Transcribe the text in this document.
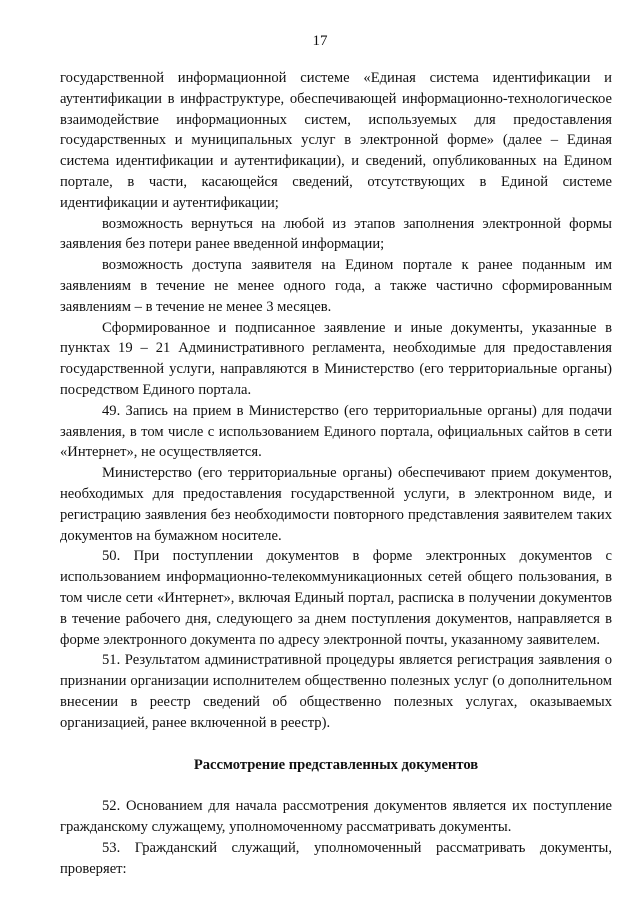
17

государственной информационной системе «Единая система идентификации и аутентификации в инфраструктуре, обеспечивающей информационно-технологическое взаимодействие информационных систем, используемых для предоставления государственных и муниципальных услуг в электронной форме» (далее – Единая система идентификации и аутентификации), и сведений, опубликованных на Едином портале, в части, касающейся сведений, отсутствующих в Единой системе идентификации и аутентификации;

возможность вернуться на любой из этапов заполнения электронной формы заявления без потери ранее введенной информации;

возможность доступа заявителя на Едином портале к ранее поданным им заявлениям в течение не менее одного года, а также частично сформированным заявлениям – в течение не менее 3 месяцев.

Сформированное и подписанное заявление и иные документы, указанные в пунктах 19 – 21 Административного регламента, необходимые для предоставления государственной услуги, направляются в Министерство (его территориальные органы) посредством Единого портала.

49. Запись на прием в Министерство (его территориальные органы) для подачи заявления, в том числе с использованием Единого портала, официальных сайтов в сети «Интернет», не осуществляется.

Министерство (его территориальные органы) обеспечивают прием документов, необходимых для предоставления государственной услуги, в электронном виде, и регистрацию заявления без необходимости повторного представления заявителем таких документов на бумажном носителе.

50. При поступлении документов в форме электронных документов с использованием информационно-телекоммуникационных сетей общего пользования, в том числе сети «Интернет», включая Единый портал, расписка в получении документов в течение рабочего дня, следующего за днем поступления документов, направляется в форме электронного документа по адресу электронной почты, указанному заявителем.

51. Результатом административной процедуры является регистрация заявления о признании организации исполнителем общественно полезных услуг (о дополнительном внесении в реестр сведений об общественно полезных услугах, оказываемых организацией, ранее включенной в реестр).

Рассмотрение представленных документов

52. Основанием для начала рассмотрения документов является их поступление гражданскому служащему, уполномоченному рассматривать документы.

53. Гражданский служащий, уполномоченный рассматривать документы, проверяет:
